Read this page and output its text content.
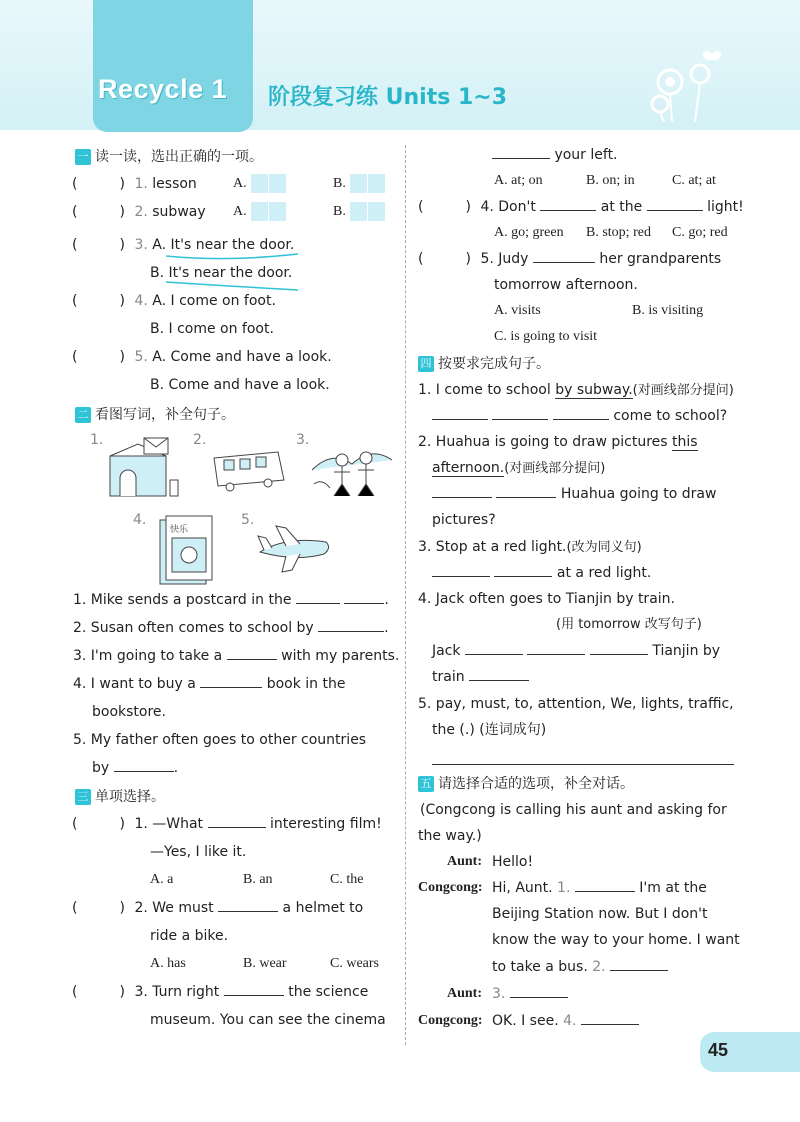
Recycle 1 阶段复习练 Units 1~3
一 读一读，选出正确的一项。
(　　　) 1. lesson	A.	B.
(　　　) 2. subway A.	B.
(　　　) 3. A. It's near the door.
B. It's near the door.
(　　　) 4. A. I come on foot.
B. I come on foot.
(　　　) 5. A. Come and have a look.
B. Come and have a look.
二 看图写词，补全句子。
1.	2.	3.
4.
快乐
5.
1. Mike sends a postcard in the	.
2. Susan often comes to school by	.
3. I'm going to take a	with my parents.
4. I want to buy a	book in the
bookstore.
5. My father often goes to other countries
by	.
三 单项选择。
(　　　) 1. —What	interesting film!
—Yes, I like it.
A. a	B. an	C. the
(　　　) 2. We must	a helmet to
ride a bike.
A. has	B. wear	C. wears
(　　　) 3. Turn right	the science
museum. You can see the cinema
your left.
A. at; on	B. on; in	C. at; at
(　　　) 4. Don't	at the	light!
A. go; green B. stop; red C. go; red
(　　　) 5. Judy	her grandparents
tomorrow afternoon.
A. visits	B. is visiting
C. is going to visit
四 按要求完成句子。
1. I come to school by subway.(对画线部分提问)
come to school?
2. Huahua is going to draw pictures this
afternoon.(对画线部分提问)
Huahua going to draw
pictures?
3. Stop at a red light.(改为同义句)
at a red light.
4. Jack often goes to Tianjin by train.
(用 tomorrow 改写句子)
Jack	Tianjin by
train
5. pay, must, to, attention, We, lights, traffic,
the (.) (连词成句)
五 请选择合适的选项，补全对话。
(Congcong is calling his aunt and asking for
the way.)
Aunt: Hello!
Congcong: Hi, Aunt. 1.	I'm at the
Beijing Station now. But I don't
know the way to your home. I want
to take a bus. 2.
Aunt: 3.
Congcong: OK. I see. 4.
45
